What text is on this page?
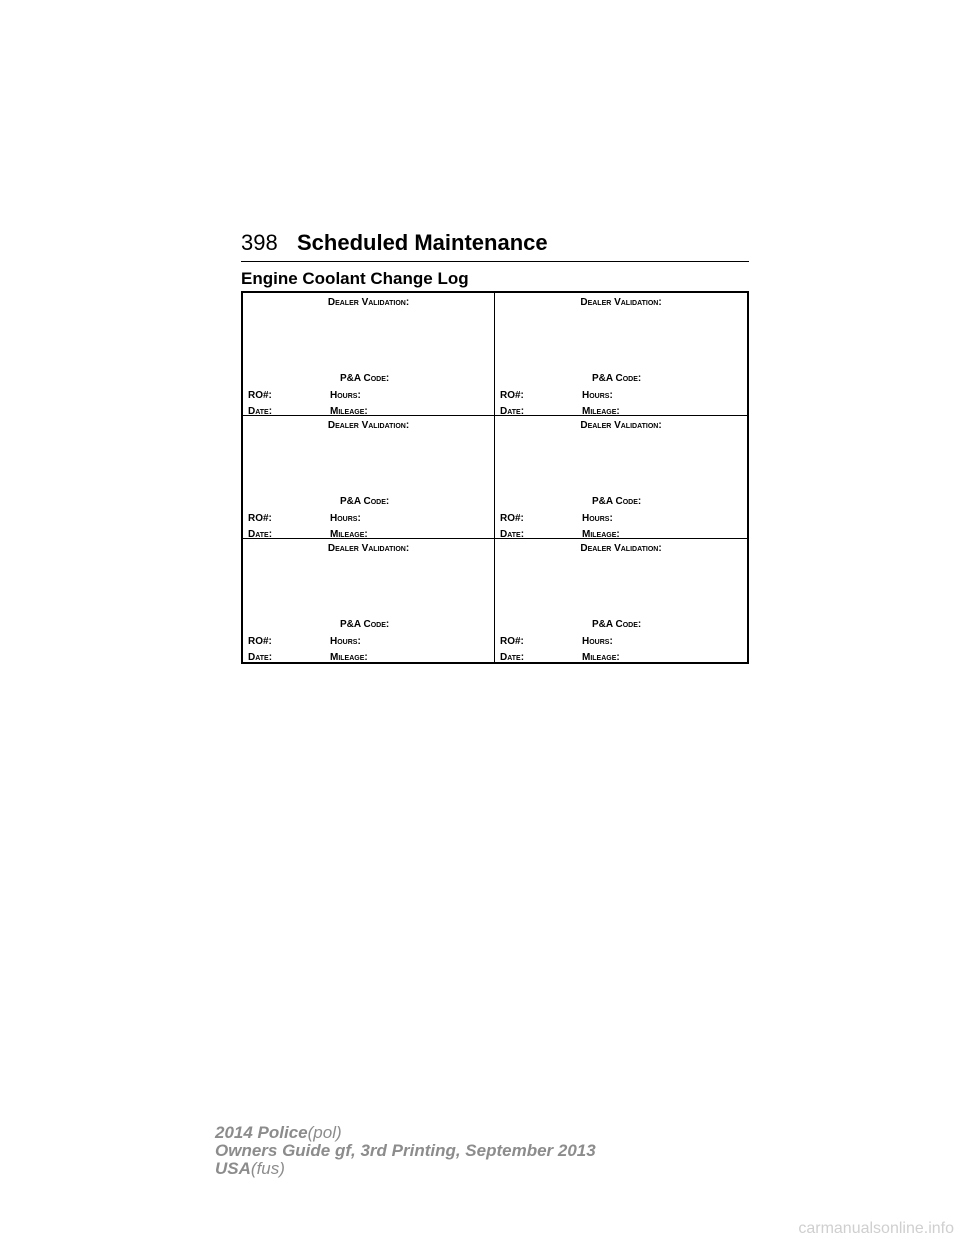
398 Scheduled Maintenance
Engine Coolant Change Log
Dealer Validation:
P&A Code:
RO#:	Hours:
Date:	Mileage:
Dealer Validation:
P&A Code:
RO#:	Hours:
Date:	Mileage:
Dealer Validation:
P&A Code:
RO#:	Hours:
Date:	Mileage:
Dealer Validation:
P&A Code:
RO#:	Hours:
Date:	Mileage:
Dealer Validation:
P&A Code:
RO#:	Hours:
Date:	Mileage:
Dealer Validation:
P&A Code:
RO#:	Hours:
Date:	Mileage:
2014 Police(pol)
Owners Guide gf, 3rd Printing, September 2013
USA(fus)
carmanualsonline.info
